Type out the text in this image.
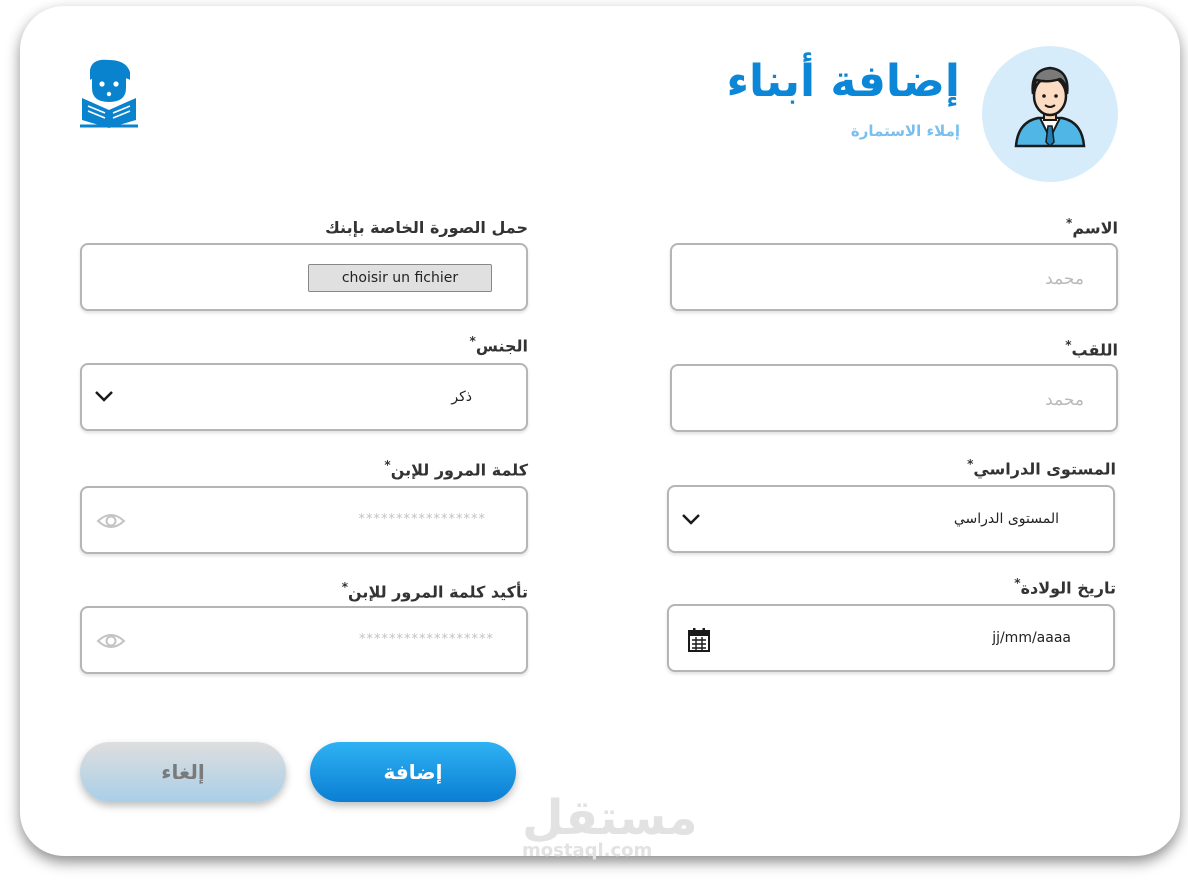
إضافة أبناء
إملاء الاستمارة
الاسم*
محمد
حمل الصورة الخاصة بإبنك
choisir un fichier
اللقب*
محمد
الجنس*
ذكر
المستوى الدراسي*
المستوى الدراسي
كلمة المرور للإبن*
*****************
تاريخ الولادة*
jj/mm/aaaa
تأكيد كلمة المرور للإبن*
******************
إضافة
إلغاء
مستقل
mostaql.com
